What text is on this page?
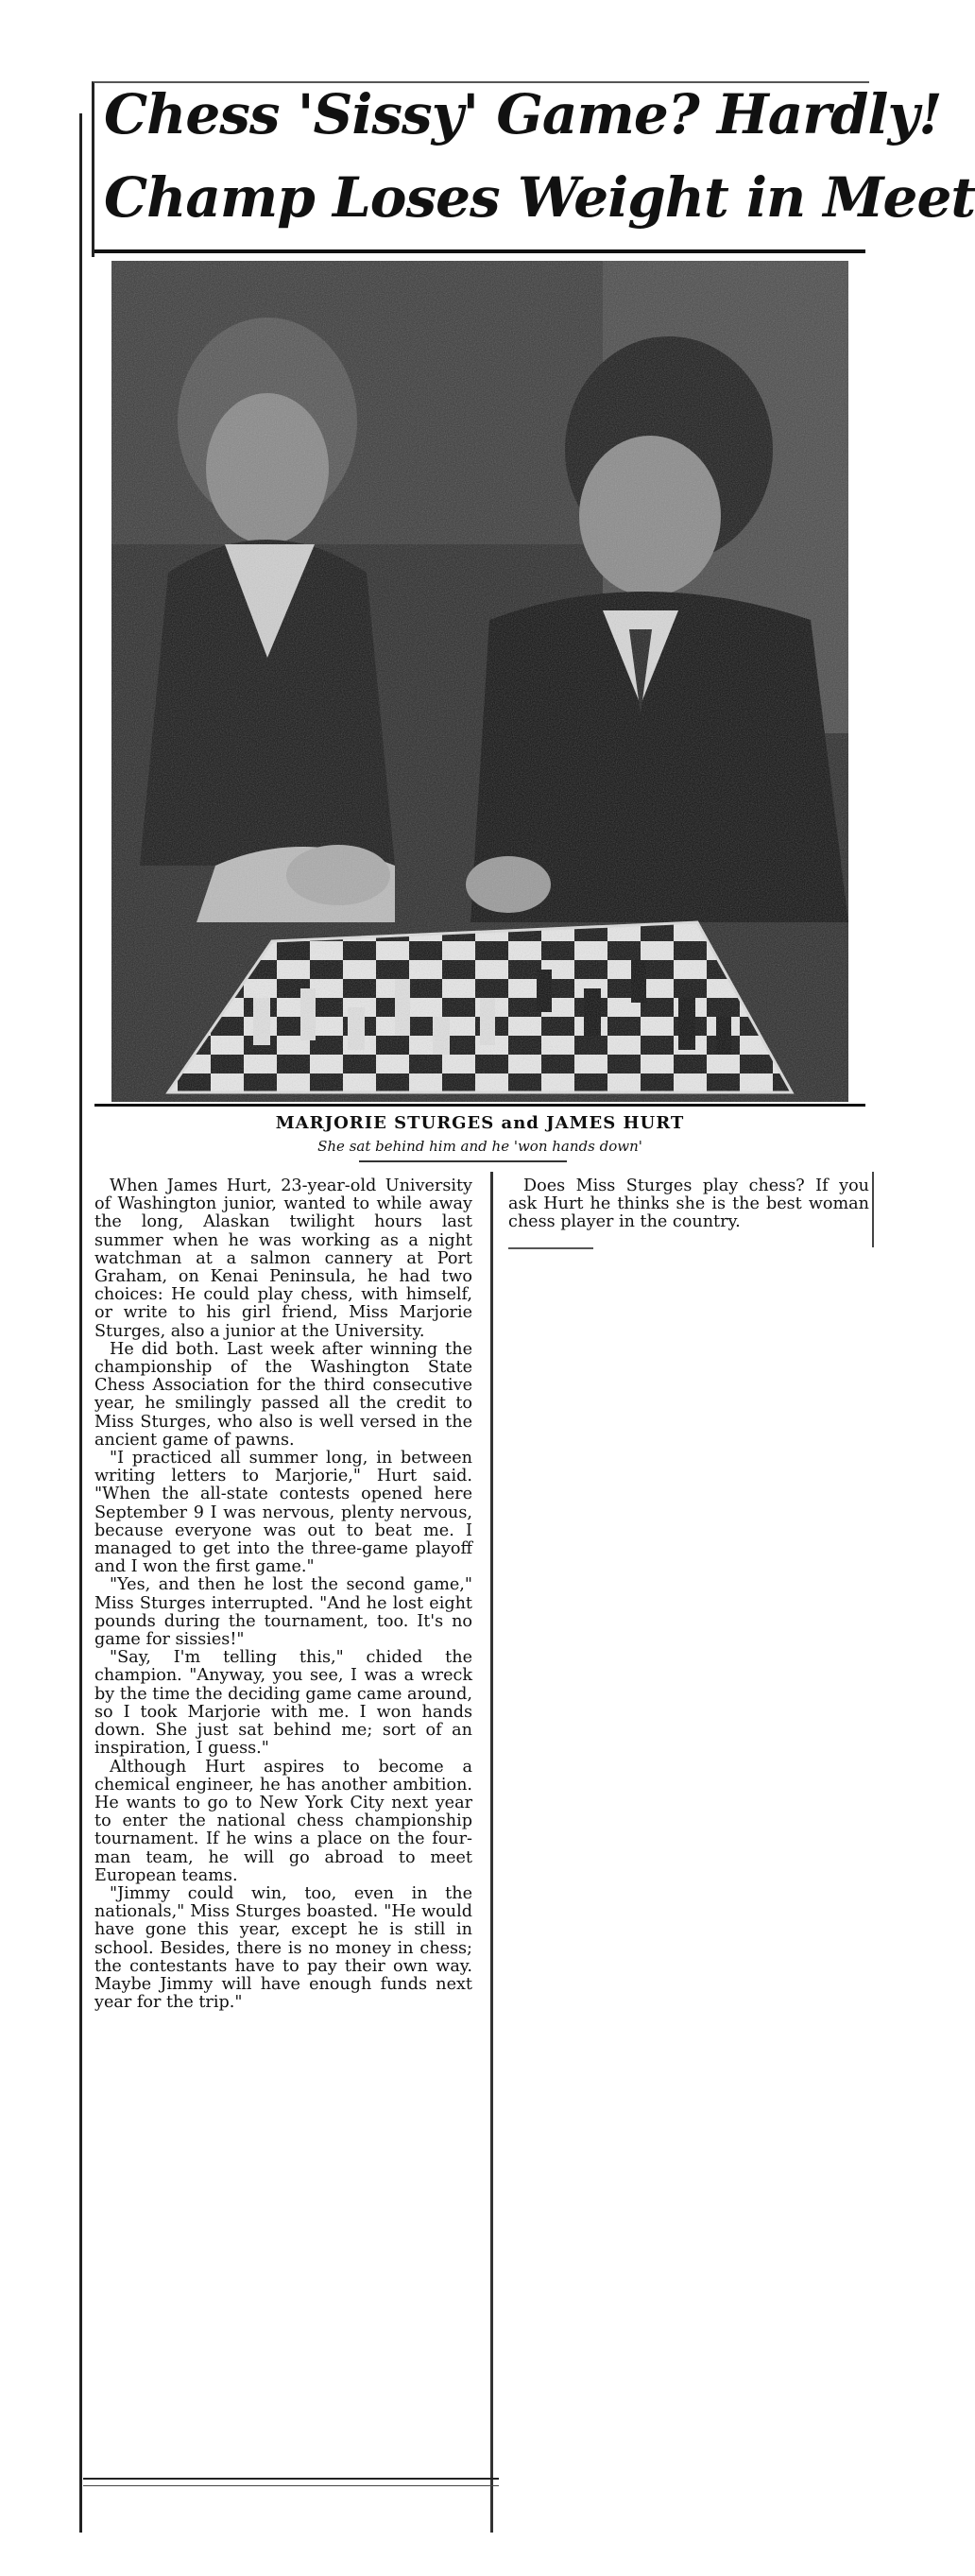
Chess 'Sissy' Game? Hardly!
Champ Loses Weight in Meet
MARJORIE STURGES and JAMES HURT
She sat behind him and he 'won hands down'

When James Hurt, 23-year-old University of Washington junior, wanted to while away the long, Alaskan twilight hours last summer when he was working as a night watchman at a salmon cannery at Port Graham, on Kenai Peninsula, he had two choices: He could play chess, with himself, or write to his girl friend, Miss Marjorie Sturges, also a junior at the University.

He did both. Last week after winning the championship of the Washington State Chess Association for the third consecutive year, he smilingly passed all the credit to Miss Sturges, who also is well versed in the ancient game of pawns.

"I practiced all summer long, in between writing letters to Marjorie," Hurt said. "When the all-state contests opened here September 9 I was nervous, plenty nervous, because everyone was out to beat me. I managed to get into the three-game playoff and I won the first game."

"Yes, and then he lost the second game," Miss Sturges interrupted. "And he lost eight pounds during the tournament, too. It's no game for sissies!"

"Say, I'm telling this," chided the champion. "Anyway, you see, I was a wreck by the time the deciding game came around, so I took Marjorie with me. I won hands down. She just sat behind me; sort of an inspiration, I guess."

Although Hurt aspires to become a chemical engineer, he has another ambition. He wants to go to New York City next year to enter the national chess championship tournament. If he wins a place on the four-man team, he will go abroad to meet European teams.

"Jimmy could win, too, even in the nationals," Miss Sturges boasted. "He would have gone this year, except he is still in school. Besides, there is no money in chess; the contestants have to pay their own way. Maybe Jimmy will have enough funds next year for the trip."

Does Miss Sturges play chess? If you ask Hurt he thinks she is the best woman chess player in the country.
